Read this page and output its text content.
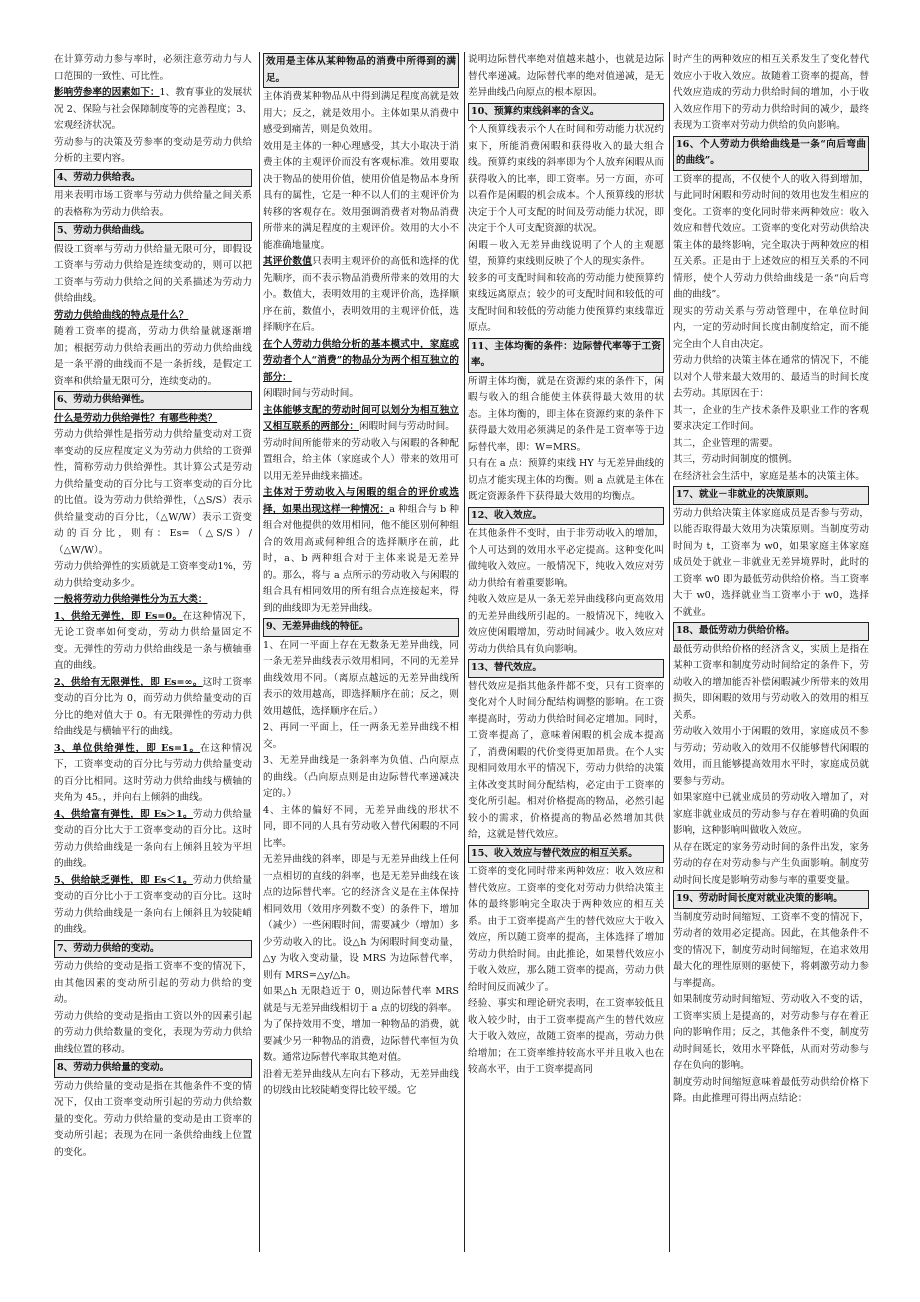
在计算劳动力参与率时，必须注意劳动力与人口范围的一致性、可比性。

影响劳参率的因素如下：1、教育事业的发展状况 2、保险与社会保障制度等的完善程度；3、宏观经济状况。

劳动参与的决策及劳参率的变动是劳动力供给分析的主要内容。

4、劳动力供给表。

用来表明市场工资率与劳动力供给量之间关系的表格称为劳动力供给表。

5、劳动力供给曲线。

假设工资率与劳动力供给量无限可分，即假设工资率与劳动力供给是连续变动的，则可以把工资率与劳动力供给之间的关系描述为劳动力供给曲线。

劳动力供给曲线的特点是什么？

随着工资率的提高，劳动力供给量就逐渐增加；根据劳动力供给表画出的劳动力供给曲线是一条平滑的曲线而不是一条折线，是假定工资率和供给量无限可分，连续变动的。

6、劳动力供给弹性。

什么是劳动力供给弹性？有哪些种类？

劳动力供给弹性是指劳动力供给量变动对工资率变动的反应程度定义为劳动力供给的工资弹性，简称劳动力供给弹性。其计算公式是劳动力供给量变动的百分比与工资率变动的百分比的比值。设为劳动力供给弹性，（△S/S）表示供给量变动的百分比，（△W/W）表示工资变动的百分比，则有：Es=（△S/S）/（△W/W）。

劳动力供给弹性的实质就是工资率变动1%，劳动力供给变动多少。

一般将劳动力供给弹性分为五大类：

1、供给无弹性，即 Es=0。在这种情况下，无论工资率如何变动，劳动力供给量固定不变。无弹性的劳动力供给曲线是一条与横轴垂直的曲线。

2、供给有无限弹性，即 Es=∞。这时工资率变动的百分比为 0，而劳动力供给量变动的百分比的绝对值大于 0。有无限弹性的劳动力供给曲线是与横轴平行的曲线。

3、单位供给弹性，即 Es=1。在这种情况下，工资率变动的百分比与劳动力供给量变动的百分比相同。这时劳动力供给曲线与横轴的夹角为 45。，并向右上倾斜的曲线。

4、供给富有弹性，即 Es＞1。劳动力供给量变动的百分比大于工资率变动的百分比。这时劳动力供给曲线是一条向右上倾斜且较为平坦的曲线。

5、供给缺乏弹性，即 Es＜1。劳动力供给量变动的百分比小于工资率变动的百分比。这时劳动力供给曲线是一条向右上倾斜且为较陡峭的曲线。

7、劳动力供给的变动。

劳动力供给的变动是指工资率不变的情况下，由其他因素的变动所引起的劳动力供给的变动。

劳动力供给的变动是指由工资以外的因素引起的劳动力供给数量的变化，表现为劳动力供给曲线位置的移动。

8、劳动力供给量的变动。

劳动力供给量的变动是指在其他条件不变的情况下，仅由工资率变动所引起的劳动力供给数量的变化。劳动力供给量的变动是由工资率的变动所引起；表现为在同一条供给曲线上位置的变化。

效用是主体从某种物品的消费中所得到的满足。

主体消费某种物品从中得到满足程度高就是效用大；反之，就是效用小。主体如果从消费中感受到痛苦，则是负效用。

效用是主体的一种心理感受，其大小取决于消费主体的主观评价而没有客观标准。效用要取决于物品的使用价值，使用价值是物品本身所具有的属性，它是一种不以人们的主观评价为转移的客观存在。效用强调消费者对物品消费所带来的满足程度的主观评价。效用的大小不能准确地量度。

其评价数值只表明主观评价的高低和选择的优先顺序，而不表示物品消费所带来的效用的大小。数值大，表明效用的主观评价高，选择顺序在前，数值小，表明效用的主观评价低，选择顺序在后。

在个人劳动力供给分析的基本模式中，家庭或劳动者个人“消费”的物品分为两个相互独立的部分：

闲暇时间与劳动时间。

主体能够支配的劳动时间可以划分为相互独立又相互联系的两部分：闲暇时间与劳动时间。

劳动时间所能带来的劳动收入与闲暇的各种配置组合，给主体（家庭或个人）带来的效用可以用无差异曲线来描述。

主体对于劳动收入与闲暇的组合的评价或选择，如果出现这样一种情况：a 种组合与 b 种组合对他提供的效用相同，他不能区别何种组合的效用高或何种组合的选择顺序在前，此时，a、b 两种组合对于主体来说是无差异的。那么，将与 a 点所示的劳动收入与闲暇的组合具有相同效用的所有组合点连接起来，得到的曲线即为无差异曲线。

9、无差异曲线的特征。

1、在同一平面上存在无数条无差异曲线，同一条无差异曲线表示效用相同，不同的无差异曲线效用不同。（离原点越远的无差异曲线所表示的效用越高，即选择顺序在前；反之，则效用越低，选择顺序在后。）

2、再同一平面上，任一两条无差异曲线不相交。

3、无差异曲线是一条斜率为负值、凸向原点的曲线。（凸向原点则是由边际替代率递减决定的。）

4、主体的偏好不同，无差异曲线的形状不同，即不同的人具有劳动收入替代闲暇的不同比率。

无差异曲线的斜率，即是与无差异曲线上任何一点相切的直线的斜率，也是无差异曲线在该点的边际替代率。它的经济含义是在主体保持相同效用（效用序列数不变）的条件下，增加（减少）一些闲暇时间，需要减少（增加）多少劳动收入的比。设△h 为闲暇时间变动量，△y 为收入变动量，设 MRS 为边际替代率，则有 MRS=△y/△h。

如果△h 无限趋近于 0，则边际替代率 MRS 就是与无差异曲线相切于 a 点的切线的斜率。

为了保持效用不变，增加一种物品的消费，就要减少另一种物品的消费，边际替代率恒为负数。通常边际替代率取其绝对值。

沿着无差异曲线从左向右下移动，无差异曲线的切线由比较陡峭变得比较平缓。它

说明边际替代率绝对值越来越小，也就是边际替代率递减。边际替代率的绝对值递减，是无差异曲线凸向原点的根本原因。

10、预算约束线斜率的含义。

个人预算线表示个人在时间和劳动能力状况约束下，所能消费闲暇和获得收入的最大组合线。预算约束线的斜率即为个人放弃闲暇从而获得收入的比率，即工资率。另一方面，亦可以看作是闲暇的机会成本。个人预算线的形状决定于个人可支配的时间及劳动能力状况，即决定于个人可支配资源的状况。

闲暇－收入无差异曲线说明了个人的主观愿望，预算约束线则反映了个人的现实条件。

较多的可支配时间和较高的劳动能力使预算约束线远离原点；较少的可支配时间和较低的可支配时间和较低的劳动能力使预算约束线靠近原点。

11、主体均衡的条件：边际替代率等于工资率。

所谓主体均衡，就是在资源约束的条件下，闲暇与收入的组合能使主体获得最大效用的状态。主体均衡的，即主体在资源约束的条件下获得最大效用必须满足的条件是工资率等于边际替代率，即：W=MRS。

只有在 a 点：预算约束线 HY 与无差异曲线的切点才能实现主体的均衡。则 a 点就是主体在既定资源条件下获得最大效用的均衡点。

12、收入效应。

在其他条件不变时，由于非劳动收入的增加，个人可达到的效用水平必定提高。这种变化叫做纯收入效应。一般情况下，纯收入效应对劳动力供给有着重要影响。

纯收入效应是从一条无差异曲线移向更高效用的无差异曲线所引起的。一般情况下，纯收入效应使闲暇增加，劳动时间减少。收入效应对劳动力供给具有负向影响。

13、替代效应。

替代效应是指其他条件都不变，只有工资率的变化对个人时间分配结构调整的影响。在工资率提高时，劳动力供给时间必定增加。同时，工资率提高了，意味着闲暇的机会成本提高了，消费闲暇的代价变得更加昂贵。在个人实现相同效用水平的情况下，劳动力供给的决策主体改变其时间分配结构，必定由于工资率的变化所引起。相对价格提高的物品，必然引起较小的需求，价格提高的物品必然增加其供给，这就是替代效应。

15、收入效应与替代效应的相互关系。

工资率的变化同时带来两种效应：收入效应和替代效应。工资率的变化对劳动力供给决策主体的最终影响完全取决于两种效应的相互关系。由于工资率提高产生的替代效应大于收入效应，所以随工资率的提高，主体选择了增加劳动力供给时间。由此推论，如果替代效应小于收入效应，那么随工资率的提高，劳动力供给时间反而减少了。

经验、事实和理论研究表明，在工资率较低且收入较少时，由于工资率提高产生的替代效应大于收入效应，故随工资率的提高，劳动力供给增加；在工资率维持较高水平并且收入也在较高水平，由于工资率提高同

时产生的两种效应的相互关系发生了变化替代效应小于收入效应。故随着工资率的提高，替代效应造成的劳动力供给时间的增加，小于收入效应作用下的劳动力供给时间的减少，最终表现为工资率对劳动力供给的负向影响。

16、个人劳动力供给曲线是一条“向后弯曲的曲线”。

工资率的提高，不仅使个人的收入得到增加，与此同时闲暇和劳动时间的效用也发生相应的变化。工资率的变化同时带来两种效应：收入效应和替代效应。工资率的变化对劳动供给决策主体的最终影响，完全取决于两种效应的相互关系。正是由于上述效应的相互关系的不同情形，使个人劳动力供给曲线是一条“向后弯曲的曲线”。

现实的劳动关系与劳动管理中，在单位时间内，一定的劳动时间长度由制度给定，而不能完全由个人自由决定。

劳动力供给的决策主体在通常的情况下，不能以对个人带来最大效用的、最适当的时间长度去劳动。其原因在于：

其一，企业的生产技术条件及职业工作的客观要求决定工作时间。

其二，企业管理的需要。

其三，劳动时间制度的惯例。

在经济社会生活中，家庭是基本的决策主体。

17、就业－非就业的决策原则。

劳动力供给决策主体家庭成员是否参与劳动，以能否取得最大效用为决策原则。当制度劳动时间为 t，工资率为 w0，如果家庭主体家庭成员处于就业－非就业无差异境界时，此时的工资率 w0 即为最低劳动供给价格。当工资率大于 w0，选择就业当工资率小于 w0，选择不就业。

18、最低劳动力供给价格。

最低劳动供给价格的经济含义，实质上是指在某种工资率和制度劳动时间给定的条件下，劳动收入的增加能否补偿闲暇减少所带来的效用损失，即闲暇的效用与劳动收入的效用的相互关系。

劳动收入效用小于闲暇的效用，家庭成员不参与劳动；劳动收入的效用不仅能够替代闲暇的效用，而且能够提高效用水平时，家庭成员就要参与劳动。

如果家庭中已就业成员的劳动收入增加了，对家庭非就业成员的劳动参与存在着明确的负面影响，这种影响叫做收入效应。

从存在既定的家务劳动时间的条件出发，家务劳动的存在对劳动参与产生负面影响。制度劳动时间长度是影响劳动参与率的重要变量。

19、劳动时间长度对就业决策的影响。

当制度劳动时间缩短、工资率不变的情况下，劳动者的效用必定提高。因此，在其他条件不变的情况下，制度劳动时间缩短，在追求效用最大化的理性原则的驱使下，将刺激劳动力参与率提高。

如果制度劳动时间缩短、劳动收入不变的话，工资率实质上是提高的，对劳动参与存在着正向的影响作用；反之，其他条件不变，制度劳动时间延长，效用水平降低，从而对劳动参与存在负向的影响。

制度劳动时间缩短意味着最低劳动供给价格下降。由此推理可得出两点结论：
